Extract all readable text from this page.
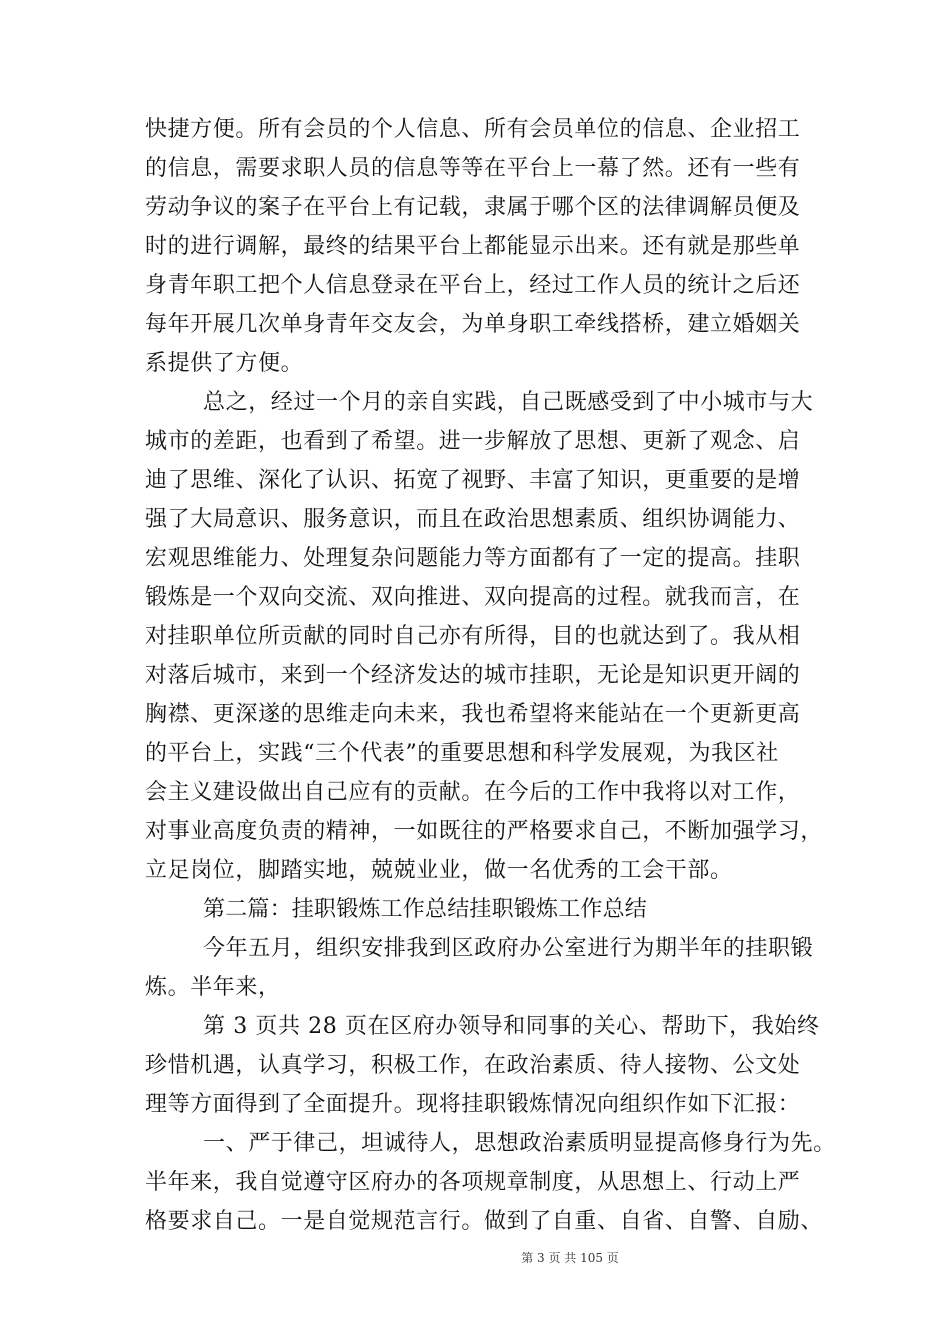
快捷方便。所有会员的个人信息、所有会员单位的信息、企业招工
的信息，需要求职人员的信息等等在平台上一幕了然。还有一些有
劳动争议的案子在平台上有记载，隶属于哪个区的法律调解员便及
时的进行调解，最终的结果平台上都能显示出来。还有就是那些单
身青年职工把个人信息登录在平台上，经过工作人员的统计之后还
每年开展几次单身青年交友会，为单身职工牵线搭桥，建立婚姻关
系提供了方便。
总之，经过一个月的亲自实践，自己既感受到了中小城市与大
城市的差距，也看到了希望。进一步解放了思想、更新了观念、启
迪了思维、深化了认识、拓宽了视野、丰富了知识，更重要的是增
强了大局意识、服务意识，而且在政治思想素质、组织协调能力、
宏观思维能力、处理复杂问题能力等方面都有了一定的提高。挂职
锻炼是一个双向交流、双向推进、双向提高的过程。就我而言，在
对挂职单位所贡献的同时自己亦有所得，目的也就达到了。我从相
对落后城市，来到一个经济发达的城市挂职，无论是知识更开阔的
胸襟、更深遂的思维走向未来，我也希望将来能站在一个更新更高
的平台上，实践“三个代表”的重要思想和科学发展观，为我区社
会主义建设做出自己应有的贡献。在今后的工作中我将以对工作，
对事业高度负责的精神，一如既往的严格要求自己，不断加强学习，
立足岗位，脚踏实地，兢兢业业，做一名优秀的工会干部。
第二篇：挂职锻炼工作总结挂职锻炼工作总结
今年五月，组织安排我到区政府办公室进行为期半年的挂职锻
炼。半年来，
第 3 页共 28 页在区府办领导和同事的关心、帮助下，我始终
珍惜机遇，认真学习，积极工作，在政治素质、待人接物、公文处
理等方面得到了全面提升。现将挂职锻炼情况向组织作如下汇报：
一、严于律己，坦诚待人，思想政治素质明显提高修身行为先。
半年来，我自觉遵守区府办的各项规章制度，从思想上、行动上严
格要求自己。一是自觉规范言行。做到了自重、自省、自警、自励、
第 3 页 共 105 页
